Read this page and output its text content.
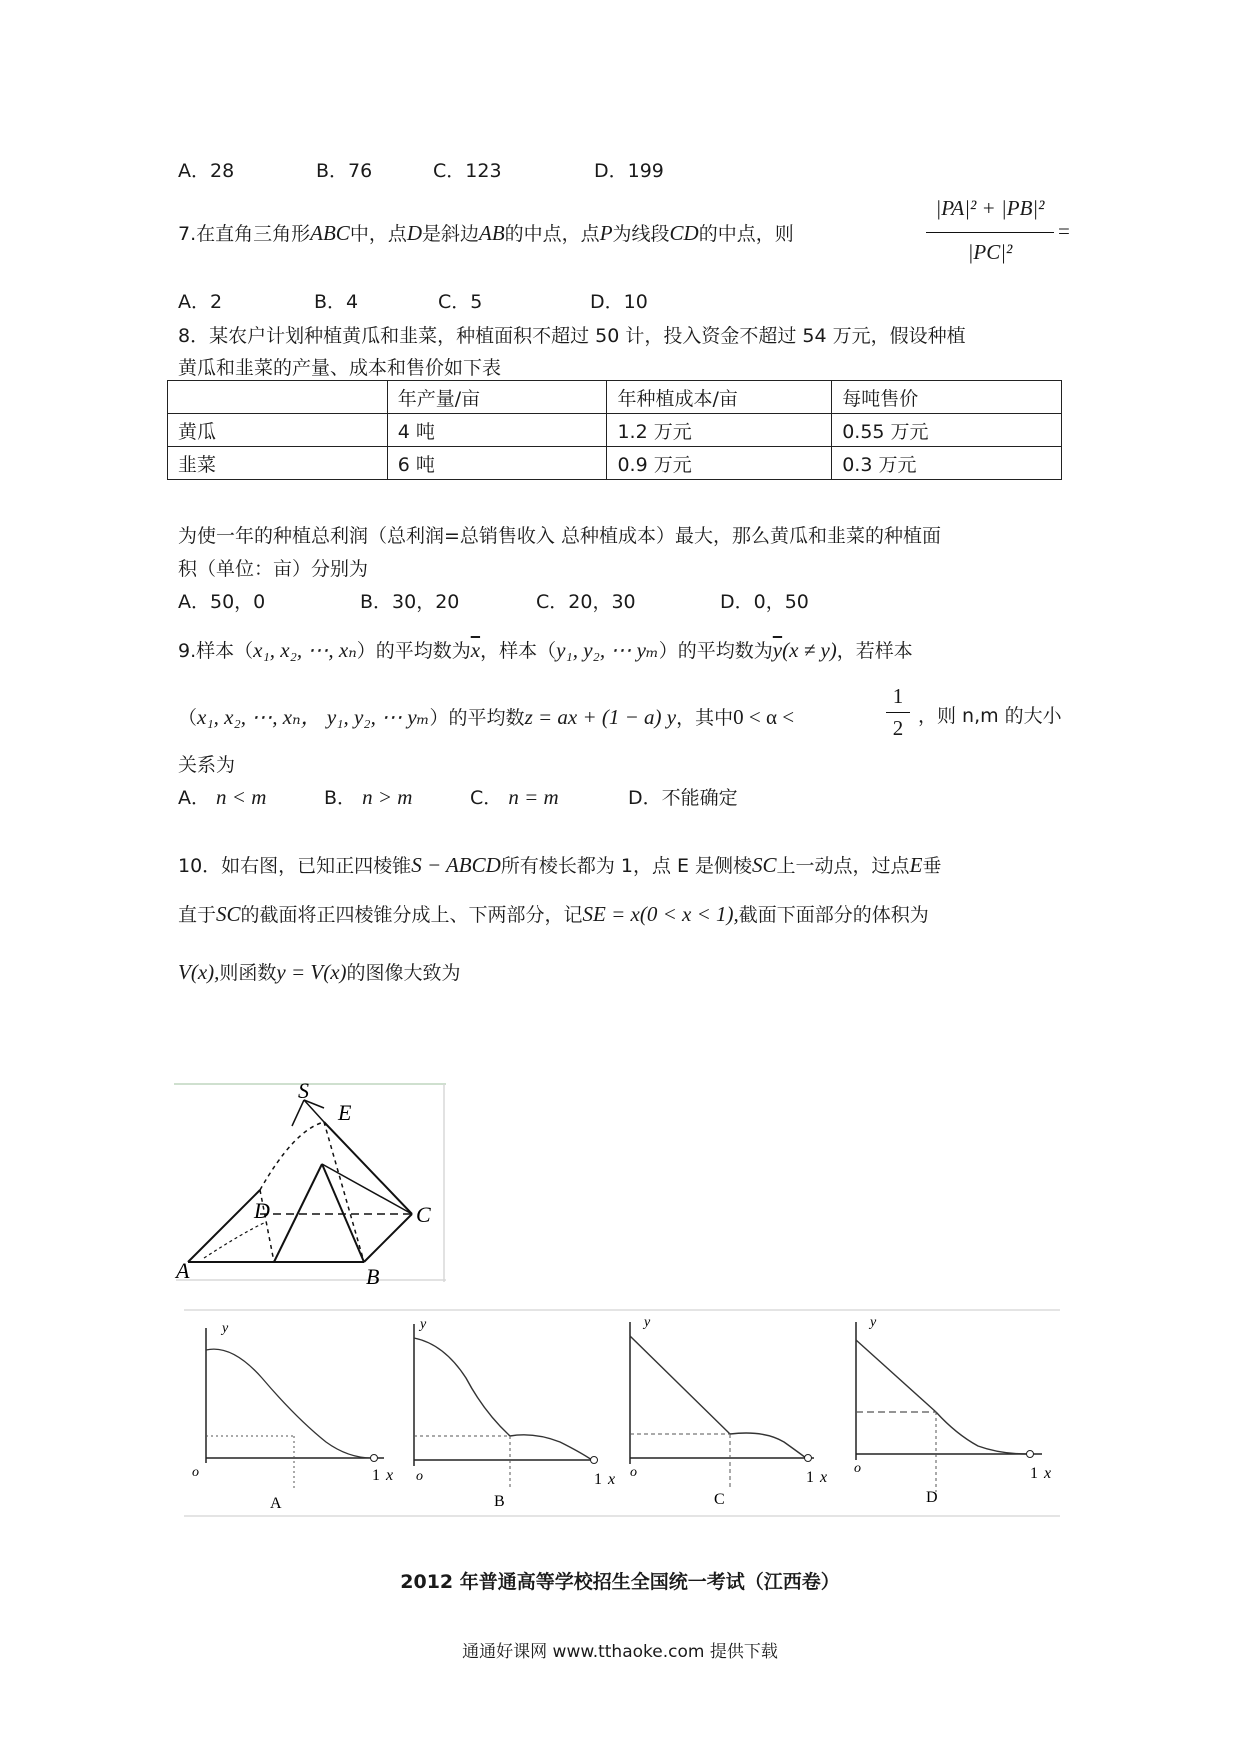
A．28	B．76	C．123	D．199
7.在直角三角形ABC中，点D是斜边AB的中点，点P为线段CD的中点，则
|PA|² + |PB|²
|PC|²
=
A．2	B．4	C．5	D．10
8．某农户计划种植黄瓜和韭菜，种植面积不超过 50 计，投入资金不超过 54 万元，假设种植
黄瓜和韭菜的产量、成本和售价如下表
	年产量/亩	年种植成本/亩	每吨售价
黄瓜	4 吨	1.2 万元	0.55 万元
韭菜	6 吨	0.9 万元	0.3 万元
为使一年的种植总利润（总利润=总销售收入 总种植成本）最大，那么黄瓜和韭菜的种植面
积（单位：亩）分别为
A．50，0	B．30，20	C．20，30	D．0，50
9.样本（x₁, x₂, ⋯, xₙ）的平均数为$\overline{x}$，样本（y₁, y₂, ⋯ yₘ）的平均数为$\overline{y}(x \ne y)$，若样本
（x₁, x₂, ⋯, xₙ， y₁, y₂, ⋯ yₘ）的平均数z = ax + (1 − a) y，其中0 < α <
1
2 ，则 n,m 的大小
关系为
A． n < m	B． n > m	C． n = m	D．不能确定
10．如右图，已知正四棱锥S − ABCD所有棱长都为 1，点 E 是侧棱SC上一动点，过点E垂
直于SC的截面将正四棱锥分成上、下两部分，记SE = x(0 < x < 1),截面下面部分的体积为
V(x),则函数y = V(x)的图像大致为
S
E
D	C
A	B
y
o	1 x
A
y
o	1 x
B
y
o	1 x
C
y
o	1 x
D
2012 年普通高等学校招生全国统一考试（江西卷）
通通好课网 www.tthaoke.com 提供下载
